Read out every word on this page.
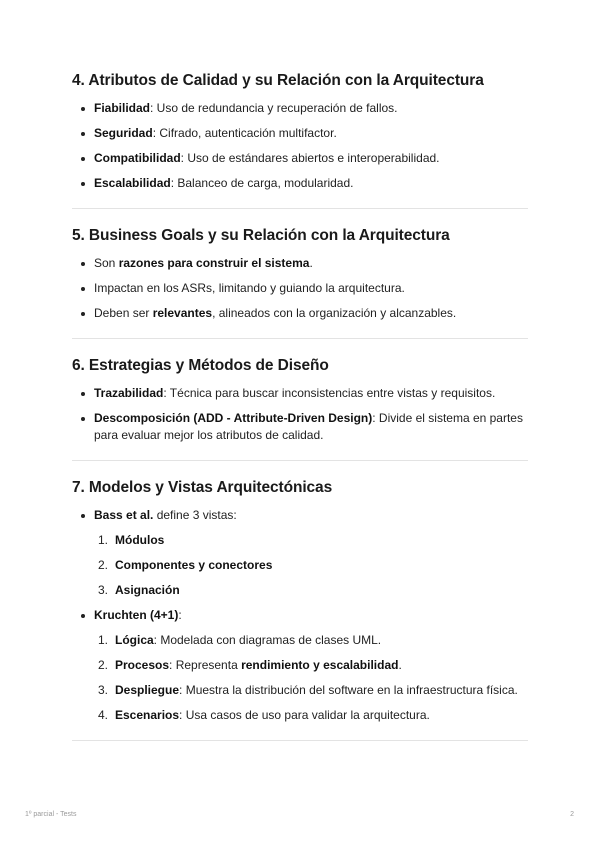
4. Atributos de Calidad y su Relación con la Arquitectura
Fiabilidad: Uso de redundancia y recuperación de fallos.
Seguridad: Cifrado, autenticación multifactor.
Compatibilidad: Uso de estándares abiertos e interoperabilidad.
Escalabilidad: Balanceo de carga, modularidad.
5. Business Goals y su Relación con la Arquitectura
Son razones para construir el sistema.
Impactan en los ASRs, limitando y guiando la arquitectura.
Deben ser relevantes, alineados con la organización y alcanzables.
6. Estrategias y Métodos de Diseño
Trazabilidad: Técnica para buscar inconsistencias entre vistas y requisitos.
Descomposición (ADD - Attribute-Driven Design): Divide el sistema en partes para evaluar mejor los atributos de calidad.
7. Modelos y Vistas Arquitectónicas
Bass et al. define 3 vistas:
1. Módulos
2. Componentes y conectores
3. Asignación
Kruchten (4+1):
1. Lógica: Modelada con diagramas de clases UML.
2. Procesos: Representa rendimiento y escalabilidad.
3. Despliegue: Muestra la distribución del software en la infraestructura física.
4. Escenarios: Usa casos de uso para validar la arquitectura.
1º parcial - Tests	2
